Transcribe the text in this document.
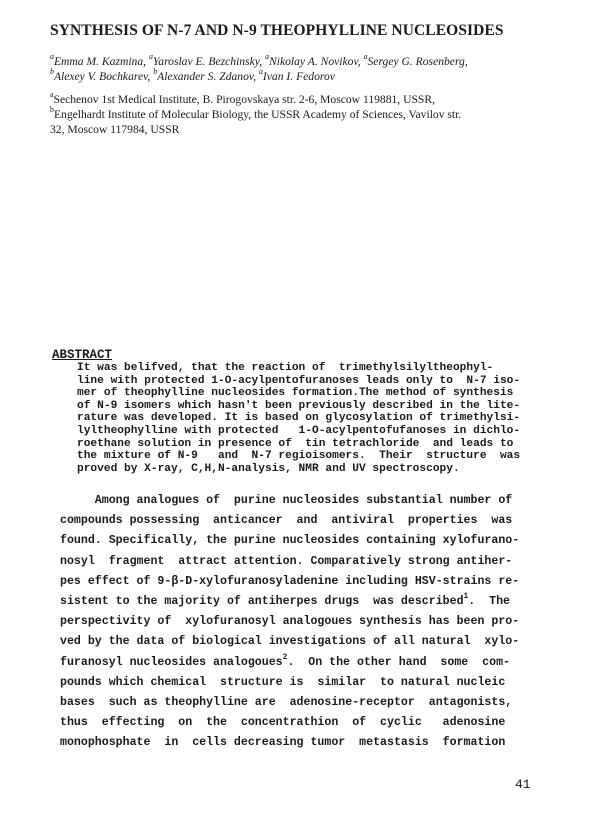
SYNTHESIS OF N-7 AND N-9 THEOPHYLLINE NUCLEOSIDES
$^a$Emma M. Kazmina, $^a$Yaroslav E. Bezchinsky, $^a$Nikolay A. Novikov, $^a$Sergey G. Rosenberg,
$^b$Alexey V. Bochkarev, $^b$Alexander S. Zdanov, $^a$Ivan I. Fedorov
$^a$Sechenov 1st Medical Institute, B. Pirogovskaya str. 2-6, Moscow 119881, USSR,
$^b$Engelhardt Institute of Molecular Biology, the USSR Academy of Sciences, Vavilov str.
32, Moscow 117984, USSR
ABSTRACT
It was belifved, that the reaction of  trimethylsilyltheophyl-
line with protected 1-O-acylpentofuranoses leads only to  N-7 iso-
mer of theophylline nucleosides formation.The method of synthesis
of N-9 isomers which hasn't been previously described in the lite-
rature was developed. It is based on glycosylation of trimethylsi-
lyltheophylline with protected   1-O-acylpentofufanoses in dichlo-
roethane solution in presence of  tin tetrachloride  and leads to
the mixture of N-9   and  N-7 regioisomers.  Their  structure  was
proved by X-ray, C,H,N-analysis, NMR and UV spectroscopy.
Among analogues of  purine nucleosides substantial number of
compounds possessing  anticancer  and  antiviral  properties  was
found. Specifically, the purine nucleosides containing xylofurano-
nosyl  fragment  attract attention. Comparatively strong antiher-
pes effect of 9-β-D-xylofuranosyladenine including HSV-strains re-
sistent to the majority of antiherpes drugs  was described$^1$.  The
perspectivity of  xylofuranosyl analogoues synthesis has been pro-
ved by the data of biological investigations of all natural  xylo-
furanosyl nucleosides analogoues$^2$.  On the other hand  some  com-
pounds which chemical  structure is  similar  to natural nucleic
bases  such as theophylline are  adenosine-receptor  antagonists,
thus  effecting  on  the  concentrathion  of  cyclic   adenosine
monophosphate  in  cells decreasing tumor  metastasis  formation
41
